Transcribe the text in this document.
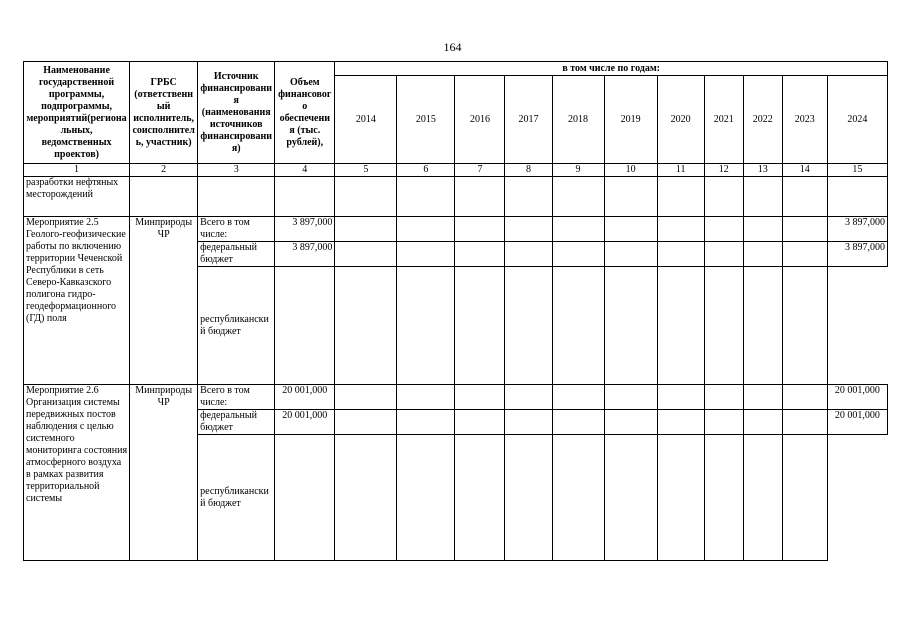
164
Наименование государственной программы, подпрограммы, мероприятий(региональных, ведомственных проектов)	ГРБС (ответственный исполнитель, соисполнитель, участник)	Источник финансирования (наименования источников финансирования)	Объем финансового обеспечения (тыс. рублей),	в том числе по годам:										
				2014	2015	2016	2017	2018	2019	2020	2021	2022	2023	2024
1	2	3	4	5	6	7	8	9	10	11	12	13	14	15
разработки нефтяных месторождений														
Мероприятие 2.5 Геолого-геофизические работы по включению территории Чеченской Республики в сеть Северо-Кавказского полигона гидро-геодеформационного (ГД) поля	Минприроды ЧР	Всего в том числе:	3 897,000											3 897,000
		федеральный бюджет	3 897,000											3 897,000
		республиканский бюджет												
Мероприятие 2.6 Организация системы передвижных постов наблюдения с целью системного мониторинга состояния атмосферного воздуха в рамках развития территориальной системы	Минприроды ЧР	Всего в том числе:	20 001,000											20 001,000
		федеральный бюджет	20 001,000											20 001,000
		республиканский бюджет												
